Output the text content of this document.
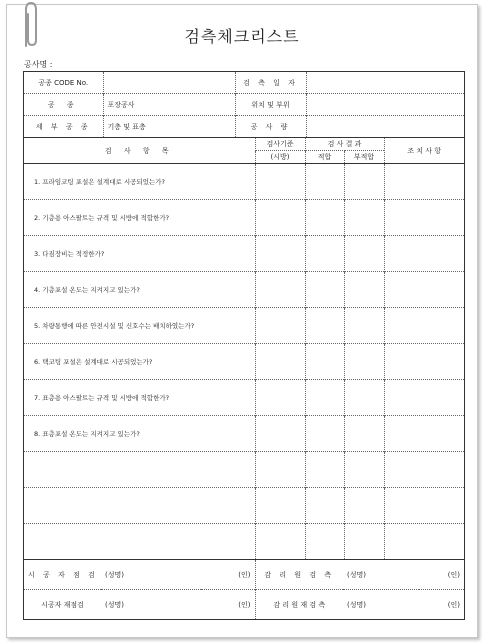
검측체크리스트
공사명 :
공종 CODE No.		검 측 일 자	
공 종	포장공사	위치 및 부위	
세 부 공 종	기층 및 표층	공 사 량	
검 사 항 목	검사기준	검 사 결 과		조 치 사 항
	(시방)	적합	부적합	
1. 프라임코팅 포설은 설계대로 시공되었는가?				
2. 기층용 아스팔트는 규격 및 시방에 적합한가?				
3. 다짐장비는 적정한가?				
4. 기층포설 온도는 지켜지고 있는가?				
5. 차량통행에 따른 안전시설 및 신호수는 배치하였는가?				
6. 택코팅 포설은 설계대로 시공되었는가?				
7. 표층용 아스팔트는 규격 및 시방에 적합한가?				
8. 표층포설 온도는 지켜지고 있는가?				

시 공 자 점 검	(성명)	(인)	감 리 원 검 측	(성명)	(인)
시공자 재점검	(성명)	(인)	감 리 원 재 검 측	(성명)	(인)
